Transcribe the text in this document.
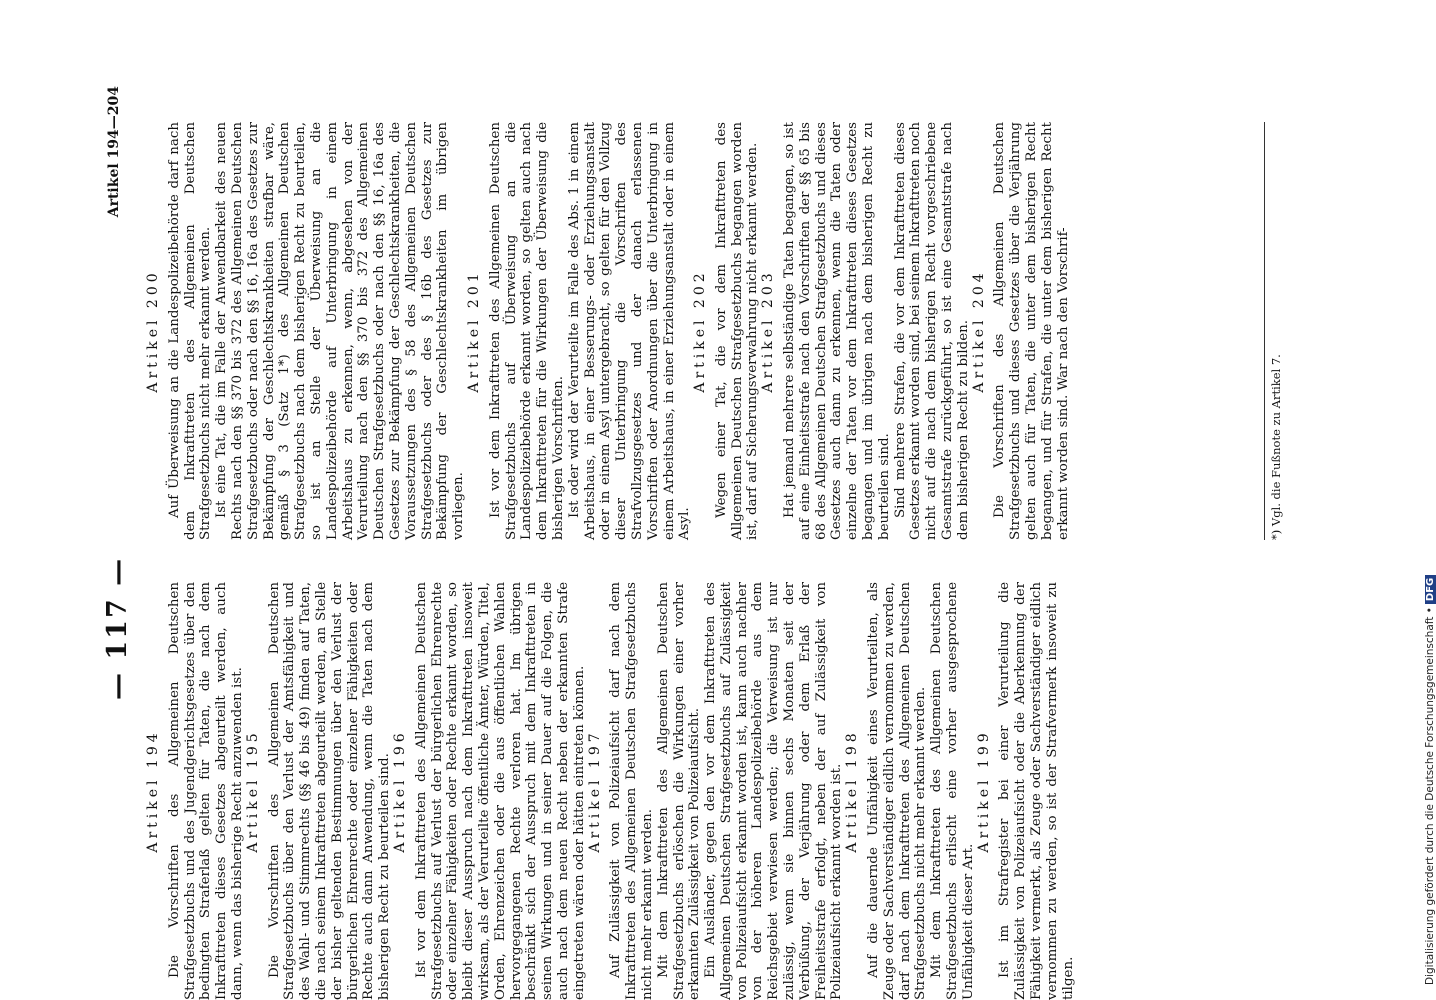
— 117 —
Artikel 194—204
Artikel 194 Die Vorschriften des Allgemeinen Deutschen Strafgesetzbuchs und des Jugendgerichtsgesetzes über den bedingten Straferlaß gelten für Taten, die nach dem Inkrafttreten dieses Gesetzes abgeurteilt werden, auch dann, wenn das bisherige Recht anzuwenden ist. Artikel 195 Die Vorschriften des Allgemeinen Deutschen Strafgesetzbuchs über den Verlust der Amtsfähigkeit und des Wahl- und Stimmrechts (§§ 46 bis 49) finden auf Taten, die nach seinem Inkrafttreten abgeurteilt werden, an Stelle der bisher geltenden Bestimmungen über den Verlust der bürgerlichen Ehrenrechte oder einzelner Fähigkeiten oder Rechte auch dann Anwendung, wenn die Taten nach dem bisherigen Recht zu beurteilen sind. Artikel 196 Ist vor dem Inkrafttreten des Allgemeinen Deutschen Strafgesetzbuchs auf Verlust der bürgerlichen Ehrenrechte oder einzelner Fähigkeiten oder Rechte erkannt worden, so bleibt dieser Ausspruch nach dem Inkrafttreten insoweit wirksam, als der Verurteilte öffentliche Ämter, Würden, Titel, Orden, Ehrenzeichen oder die aus öffentlichen Wahlen hervorgegangenen Rechte verloren hat. Im übrigen beschränkt sich der Ausspruch mit dem Inkrafttreten in seinen Wirkungen und in seiner Dauer auf die Folgen, die auch nach dem neuen Recht neben der erkannten Strafe eingetreten wären oder hätten eintreten können. Artikel 197 Auf Zulässigkeit von Polizeiaufsicht darf nach dem Inkrafttreten des Allgemeinen Deutschen Strafgesetzbuchs nicht mehr erkannt werden. Mit dem Inkrafttreten des Allgemeinen Deutschen Strafgesetzbuchs erlöschen die Wirkungen einer vorher erkannten Zulässigkeit von Polizeiaufsicht. Ein Ausländer, gegen den vor dem Inkrafttreten des Allgemeinen Deutschen Strafgesetzbuchs auf Zulässigkeit von Polizeiaufsicht erkannt worden ist, kann auch nachher von der höheren Landespolizeibehörde aus dem Reichsgebiet verwiesen werden; die Verweisung ist nur zulässig, wenn sie binnen sechs Monaten seit der Verbüßung, der Verjährung oder dem Erlaß der Freiheitsstrafe erfolgt, neben der auf Zulässigkeit von Polizeiaufsicht erkannt worden ist. Artikel 198 Auf die dauernde Unfähigkeit eines Verurteilten, als Zeuge oder Sachverständiger eidlich vernommen zu werden, darf nach dem Inkrafttreten des Allgemeinen Deutschen Strafgesetzbuchs nicht mehr erkannt werden. Mit dem Inkrafttreten des Allgemeinen Deutschen Strafgesetzbuchs erlischt eine vorher ausgesprochene Unfähigkeit dieser Art.

Artikel 199 Ist im Strafregister bei einer Verurteilung die Zulässigkeit von Polizeiaufsicht oder die Aberkennung der Fähigkeit vermerkt, als Zeuge oder Sachverständiger eidlich vernommen zu werden, so ist der Strafvermerk insoweit zu tilgen.

Artikel 200 Auf Überweisung an die Landespolizeibehörde darf nach dem Inkrafttreten des Allgemeinen Deutschen Strafgesetzbuchs nicht mehr erkannt werden. Ist eine Tat, die im Falle der Anwendbarkeit des neuen Rechts nach den §§ 370 bis 372 des Allgemeinen Deutschen Strafgesetzbuchs oder nach den §§ 16, 16a des Gesetzes zur Bekämpfung der Geschlechtskrankheiten strafbar wäre, gemäß § 3 (Satz 1*) des Allgemeinen Deutschen Strafgesetzbuchs nach dem bisherigen Recht zu beurteilen, so ist an Stelle der Überweisung an die Landespolizeibehörde auf Unterbringung in einem Arbeitshaus zu erkennen, wenn, abgesehen von der Verurteilung nach den §§ 370 bis 372 des Allgemeinen Deutschen Strafgesetzbuchs oder nach den §§ 16, 16a des Gesetzes zur Bekämpfung der Geschlechtskrankheiten, die Voraussetzungen des § 58 des Allgemeinen Deutschen Strafgesetzbuchs oder des § 16b des Gesetzes zur Bekämpfung der Geschlechtskrankheiten im übrigen vorliegen.

Artikel 201 Ist vor dem Inkrafttreten des Allgemeinen Deutschen Strafgesetzbuchs auf Überweisung an die Landespolizeibehörde erkannt worden, so gelten auch nach dem Inkrafttreten für die Wirkungen der Überweisung die bisherigen Vorschriften. Ist oder wird der Verurteilte im Falle des Abs. 1 in einem Arbeitshaus, in einer Besserungs- oder Erziehungsanstalt oder in einem Asyl untergebracht, so gelten für den Vollzug dieser Unterbringung die Vorschriften des Strafvollzugsgesetzes und der danach erlassenen Vorschriften oder Anordnungen über die Unterbringung in einem Arbeitshaus, in einer Erziehungsanstalt oder in einem Asyl.

Artikel 202 Wegen einer Tat, die vor dem Inkrafttreten des Allgemeinen Deutschen Strafgesetzbuchs begangen worden ist, darf auf Sicherungsverwahrung nicht erkannt werden. Artikel 203 Hat jemand mehrere selbständige Taten begangen, so ist auf eine Einheitsstrafe nach den Vorschriften der §§ 65 bis 68 des Allgemeinen Deutschen Strafgesetzbuchs und dieses Gesetzes auch dann zu erkennen, wenn die Taten oder einzelne der Taten vor dem Inkrafttreten dieses Gesetzes begangen und im übrigen nach dem bisherigen Recht zu beurteilen sind. Sind mehrere Strafen, die vor dem Inkrafttreten dieses Gesetzes erkannt worden sind, bei seinem Inkrafttreten noch nicht auf die nach dem bisherigen Recht vorgeschriebene Gesamtstrafe zurückgeführt, so ist eine Gesamtstrafe nach dem bisherigen Recht zu bilden. Artikel 204 Die Vorschriften des Allgemeinen Deutschen Strafgesetzbuchs und dieses Gesetzes über die Verjährung gelten auch für Taten, die unter dem bisherigen Recht begangen, und für Strafen, die unter dem bisherigen Recht erkannt worden sind. War nach den Vorschrif-	*) Vgl. die Fußnote zu Artikel 7.
Digitalisierung gefördert durch die Deutsche Forschungsgemeinschaft •DFG
